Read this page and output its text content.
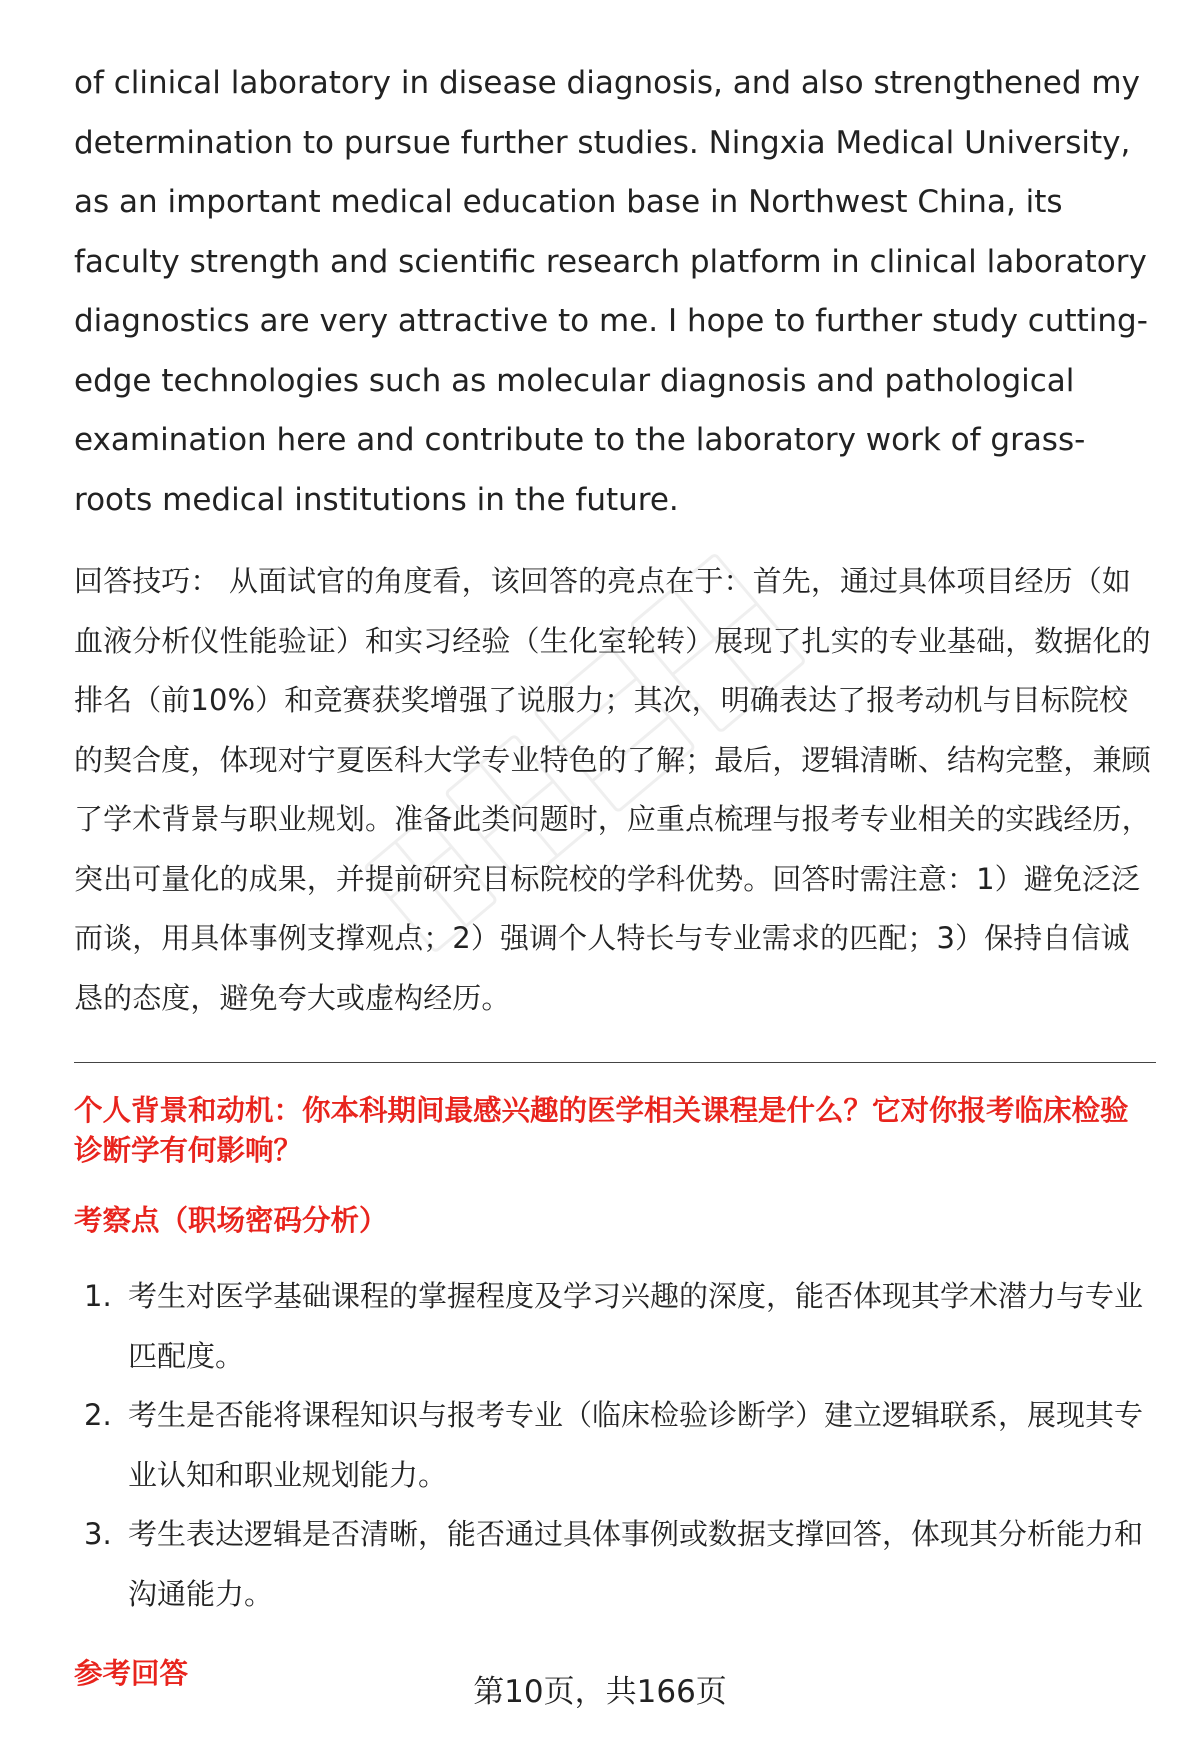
of clinical laboratory in disease diagnosis, and also strengthened my determination to pursue further studies. Ningxia Medical University, as an important medical education base in Northwest China, its faculty strength and scientific research platform in clinical laboratory diagnostics are very attractive to me. I hope to further study cutting-edge technologies such as molecular diagnosis and pathological examination here and contribute to the laboratory work of grass-roots medical institutions in the future.

回答技巧： 从面试官的角度看，该回答的亮点在于：首先，通过具体项目经历（如血液分析仪性能验证）和实习经验（生化室轮转）展现了扎实的专业基础，数据化的排名（前10%）和竞赛获奖增强了说服力；其次，明确表达了报考动机与目标院校的契合度，体现对宁夏医科大学专业特色的了解；最后，逻辑清晰、结构完整，兼顾了学术背景与职业规划。准备此类问题时，应重点梳理与报考专业相关的实践经历，突出可量化的成果，并提前研究目标院校的学科优势。回答时需注意：1）避免泛泛而谈，用具体事例支撑观点；2）强调个人特长与专业需求的匹配；3）保持自信诚恳的态度，避免夸大或虚构经历。

个人背景和动机：你本科期间最感兴趣的医学相关课程是什么？它对你报考临床检验诊断学有何影响？
考察点（职场密码分析）
1. 考生对医学基础课程的掌握程度及学习兴趣的深度，能否体现其学术潜力与专业匹配度。
2. 考生是否能将课程知识与报考专业（临床检验诊断学）建立逻辑联系，展现其专业认知和职业规划能力。
3. 考生表达逻辑是否清晰，能否通过具体事例或数据支撑回答，体现其分析能力和沟通能力。
参考回答
第10页，共166页
